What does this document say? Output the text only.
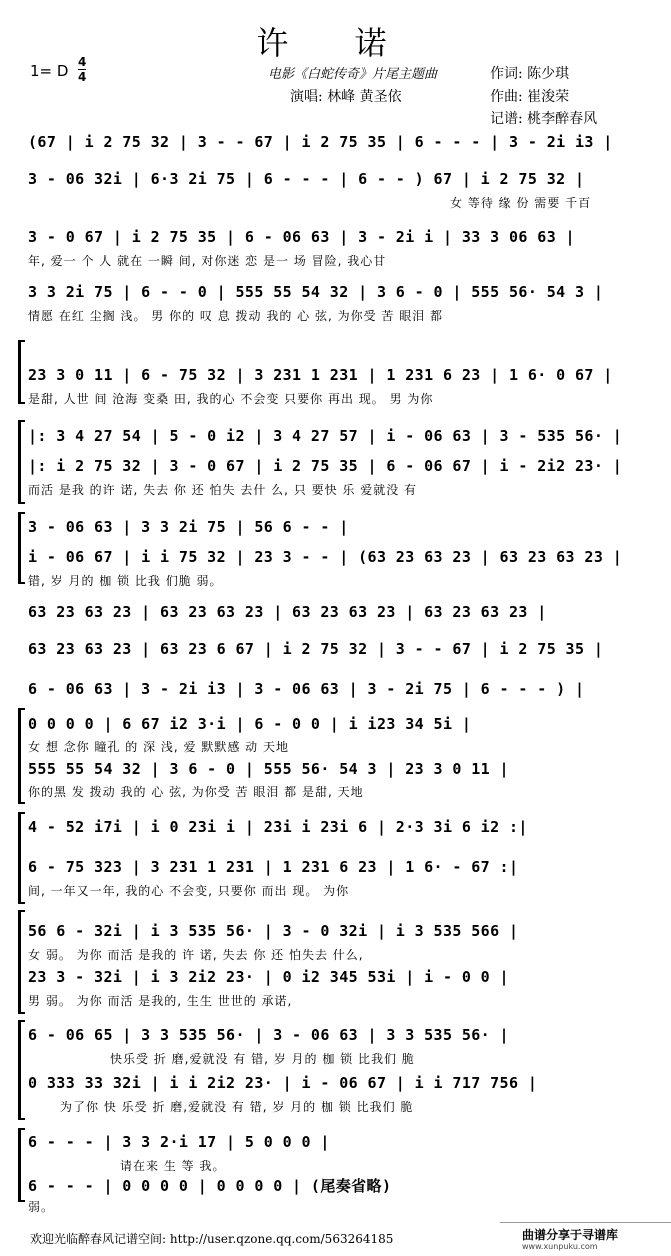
许 诺
1= D 4
4	电影《白蛇传奇》片尾主题曲
演唱: 林峰 黄圣依
作词: 陈少琪
作曲: 崔浚荣
记谱: 桃李醉春风
(67 | i 2 75 32 | 3 - - 67 | i 2 75 35 | 6 - - - | 3 - 2i i3 |
3 - 06 32i | 6·3 2i 75 | 6 - - - | 6 - - ) 67 | i 2 75 32 |
女 等待 缘 份 需要 千百
3 - 0 67 | i 2 75 35 | 6 - 06 63 | 3 - 2i i | 33 3 06 63 |
年, 爱一 个 人 就在 一瞬 间, 对你迷 恋 是一 场 冒险, 我心甘
3 3 2i 75 | 6 - - 0 | 555 55 54 32 | 3 6 - 0 | 555 56· 54 3 |
情愿 在红 尘搁 浅。 男 你的 叹 息 拨动 我的 心 弦, 为你受 苦 眼泪 都
23 3 0 11 | 6 - 75 32 | 3 231 1 231 | 1 231 6 23 | 1 6· 0 67 |
是甜, 人世 间 沧海 变桑 田, 我的心 不会变 只要你 再出 现。 男 为你
|: 3 4 27 54 | 5 - 0 i2 | 3 4 27 57 | i - 06 63 | 3 - 535 56· |
|: i 2 75 32 | 3 - 0 67 | i 2 75 35 | 6 - 06 67 | i - 2i2 23· |
而活 是我 的许 诺, 失去 你 还 怕失 去什 么, 只 要快 乐 爱就没 有
3 - 06 63 | 3 3 2i 75 | 56 6 - - |
i - 06 67 | i i 75 32 | 23 3 - - | (63 23 63 23 | 63 23 63 23 |
错, 岁 月的 枷 锁 比我 们脆 弱。
63 23 63 23 | 63 23 63 23 | 63 23 63 23 | 63 23 63 23 |
63 23 63 23 | 63 23 6 67 | i 2 75 32 | 3 - - 67 | i 2 75 35 |
6 - 06 63 | 3 - 2i i3 | 3 - 06 63 | 3 - 2i 75 | 6 - - - ) |
0 0 0 0 | 6 67 i2 3·i | 6 - 0 0 | i i23 34 5i |
女 想 念你 瞳孔 的 深 浅, 爱 默默感 动 天地
555 55 54 32 | 3 6 - 0 | 555 56· 54 3 | 23 3 0 11 |
你的黑 发 拨动 我的 心 弦, 为你受 苦 眼泪 都 是甜, 天地
4 - 52 i7i | i 0 23i i | 23i i 23i 6 | 2·3 3i 6 i2 :|
6 - 75 323 | 3 231 1 231 | 1 231 6 23 | 1 6· - 67 :|
间, 一年又一年, 我的心 不会变, 只要你 而出 现。 为你
56 6 - 32i | i 3 535 56· | 3 - 0 32i | i 3 535 566 |
女 弱。 为你 而活 是我的 许 诺, 失去 你 还 怕失去 什么,
23 3 - 32i | i 3 2i2 23· | 0 i2 345 53i | i - 0 0 |
男 弱。 为你 而活 是我的, 生生 世世的 承诺,
6 - 06 65 | 3 3 535 56· | 3 - 06 63 | 3 3 535 56· |
快乐受 折 磨,爱就没 有 错, 岁 月的 枷 锁 比我们 脆
0 333 33 32i | i i 2i2 23· | i - 06 67 | i i 717 756 |
为了你 快 乐受 折 磨,爱就没 有 错, 岁 月的 枷 锁 比我们 脆
6 - - - | 3 3 2·i 17 | 5 0 0 0 |
请在来 生 等 我。
6 - - - | 0 0 0 0 | 0 0 0 0 | (尾奏省略)
弱。
欢迎光临醉春风记谱空间: http://user.qzone.qq.com/563264185	曲谱分享于寻谱库
www.xunpuku.com
